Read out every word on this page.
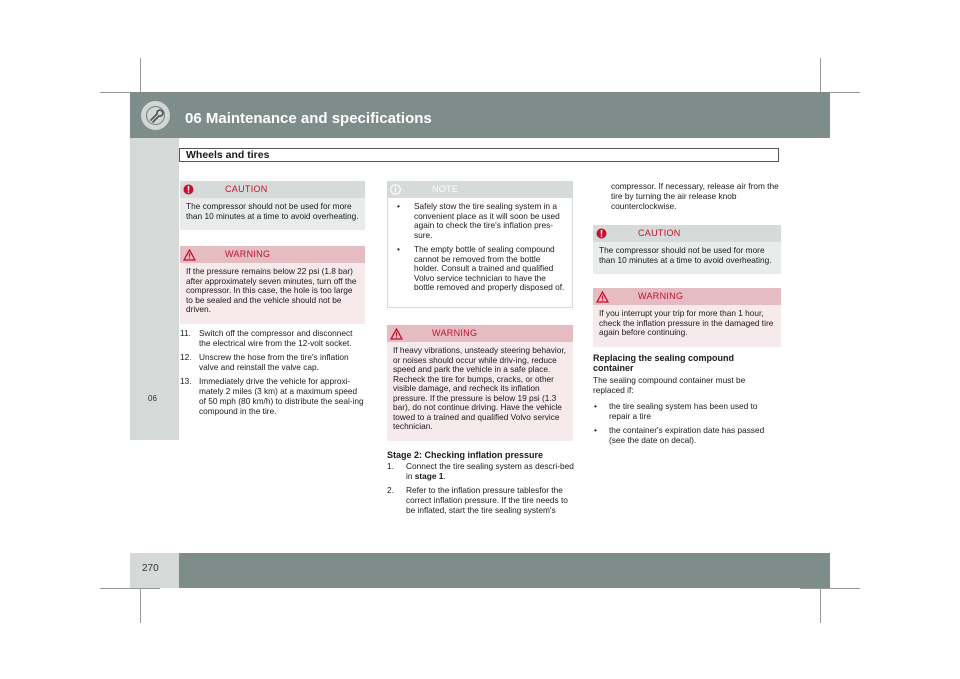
06 Maintenance and specifications
Wheels and tires
06
CAUTION
The compressor should not be used for more than 10 minutes at a time to avoid overheating.
WARNING
If the pressure remains below 22 psi (1.8 bar) after approximately seven minutes, turn off the compressor. In this case, the hole is too large to be sealed and the vehicle should not be driven.
11. Switch off the compressor and disconnect the electrical wire from the 12-volt socket.
12. Unscrew the hose from the tire's inflation valve and reinstall the valve cap.
13. Immediately drive the vehicle for approxi-mately 2 miles (3 km) at a maximum speed of 50 mph (80 km/h) to distribute the seal-ing compound in the tire.
NOTE
• Safely stow the tire sealing system in a convenient place as it will soon be used again to check the tire's inflation pres-sure.
• The empty bottle of sealing compound cannot be removed from the bottle holder. Consult a trained and qualified Volvo service technician to have the bottle removed and properly disposed of.
WARNING
If heavy vibrations, unsteady steering behavior, or noises should occur while driv-ing, reduce speed and park the vehicle in a safe place. Recheck the tire for bumps, cracks, or other visible damage, and recheck its inflation pressure. If the pressure is below 19 psi (1.3 bar), do not continue driving. Have the vehicle towed to a trained and qualified Volvo service technician.
Stage 2: Checking inflation pressure
1. Connect the tire sealing system as descri-bed in stage 1.
2. Refer to the inflation pressure tablesfor the correct inflation pressure. If the tire needs to be inflated, start the tire sealing system's
compressor. If necessary, release air from the tire by turning the air release knob counterclockwise.
CAUTION
The compressor should not be used for more than 10 minutes at a time to avoid overheating.
WARNING
If you interrupt your trip for more than 1 hour, check the inflation pressure in the damaged tire again before continuing.
Replacing the sealing compound container
The sealing compound container must be replaced if:
• the tire sealing system has been used to repair a tire
• the container's expiration date has passed (see the date on decal).
270
